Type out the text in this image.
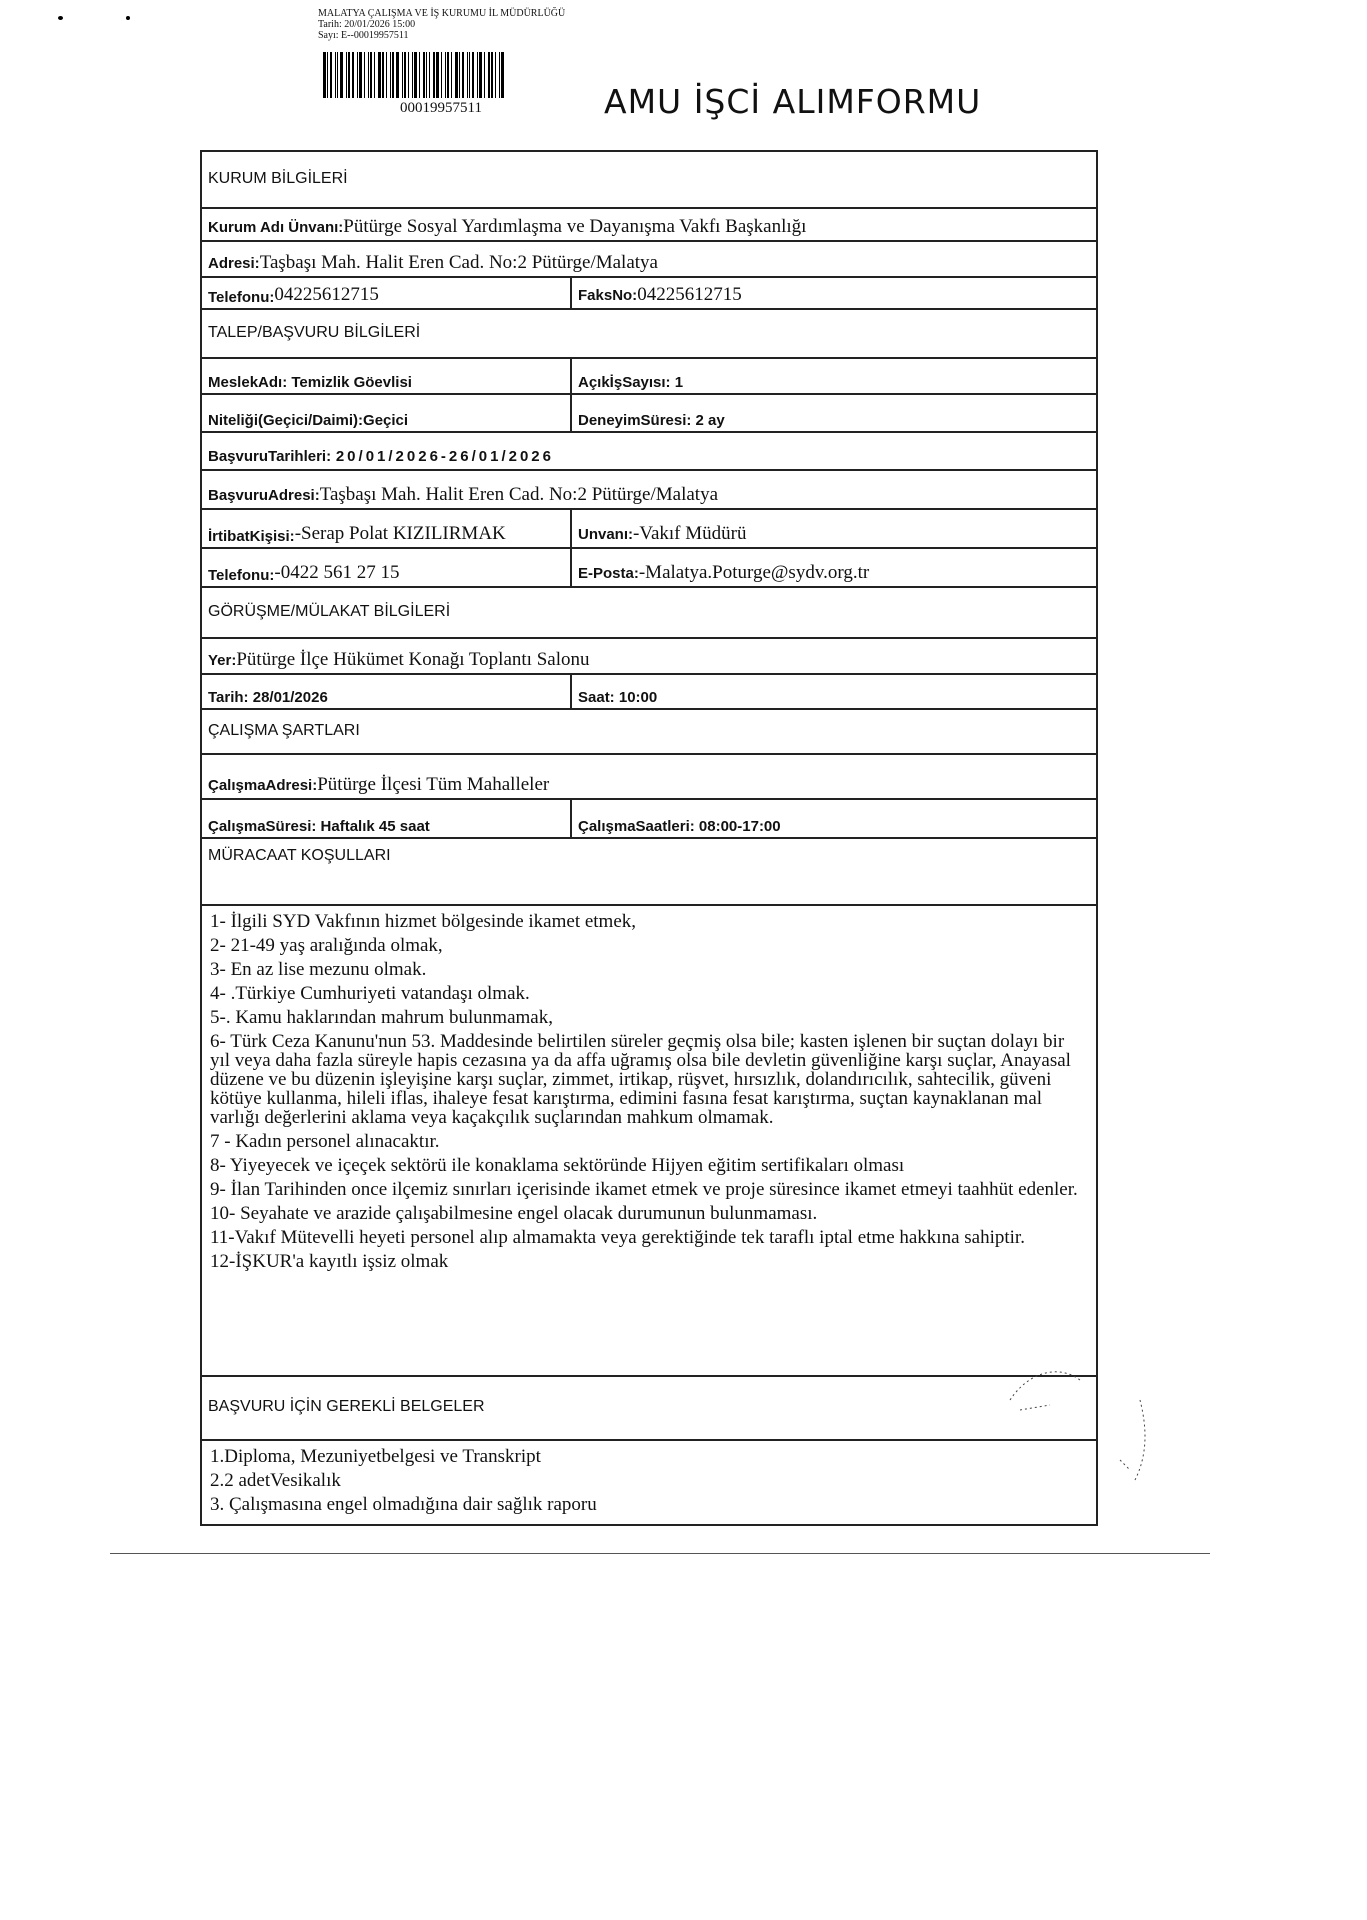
MALATYA ÇALIŞMA VE İŞ KURUMU İL MÜDÜRLÜĞÜ
Tarih: 20/01/2026 15:00
Sayı: E--00019957511
00019957511	AMU İŞCİ ALIMFORMU
KURUM BİLGİLERİ
Kurum Adı Ünvanı:Pütürge Sosyal Yardımlaşma ve Dayanışma Vakfı Başkanlığı
Adresi:Taşbaşı Mah. Halit Eren Cad. No:2 Pütürge/Malatya
Telefonu: 04225612715	FaksNo:04225612715
TALEP/BAŞVURU BİLGİLERİ
MeslekAdı: Temizlik Göevlisi	AçıkİşSayısı: 1
Niteliği(Geçici/Daimi):Geçici	DeneyimSüresi: 2 ay
BaşvuruTarihleri: 20/01/2026-26/01/2026
BaşvuruAdresi:Taşbaşı Mah. Halit Eren Cad. No:2 Pütürge/Malatya
İrtibatKişisi: -Serap Polat KIZILIRMAK	Unvanı:-Vakıf Müdürü
Telefonu: -0422 561 27 15	E-Posta:-Malatya.Poturge@sydv.org.tr
GÖRÜŞME/MÜLAKAT BİLGİLERİ
Yer:Pütürge İlçe Hükümet Konağı Toplantı Salonu
Tarih: 28/01/2026	Saat: 10:00
ÇALIŞMA ŞARTLARI
ÇalışmaAdresi:Pütürge İlçesi Tüm Mahalleler
ÇalışmaSüresi: Haftalık 45 saat	ÇalışmaSaatleri: 08:00-17:00
MÜRACAAT KOŞULLARI
1- İlgili SYD Vakfının hizmet bölgesinde ikamet etmek,
2- 21-49 yaş aralığında olmak,
3- En az lise mezunu olmak.
4- .Türkiye Cumhuriyeti vatandaşı olmak.
5-. Kamu haklarından mahrum bulunmamak,
6- Türk Ceza Kanunu'nun 53. Maddesinde belirtilen süreler geçmiş olsa bile; kasten işlenen bir suçtan dolayı bir yıl veya daha fazla süreyle hapis cezasına ya da affa uğramış olsa bile devletin güvenliğine karşı suçlar, Anayasal düzene ve bu düzenin işleyişine karşı suçlar, zimmet, irtikap, rüşvet, hırsızlık, dolandırıcılık, sahtecilik, güveni kötüye kullanma, hileli iflas, ihaleye fesat karıştırma, edimini fasına fesat karıştırma, suçtan kaynaklanan mal varlığı değerlerini aklama veya kaçakçılık suçlarından mahkum olmamak.
7 - Kadın personel alınacaktır.
8- Yiyeyecek ve içeçek sektörü ile konaklama sektöründe Hijyen eğitim sertifikaları olması
9- İlan Tarihinden once ilçemiz sınırları içerisinde ikamet etmek ve proje süresince ikamet etmeyi taahhüt edenler.
10- Seyahate ve arazide çalışabilmesine engel olacak durumunun bulunmaması.
11-Vakıf Mütevelli heyeti personel alıp almamakta veya gerektiğinde tek taraflı iptal etme hakkına sahiptir.
12-İŞKUR'a kayıtlı işsiz olmak
BAŞVURU İÇİN GEREKLİ BELGELER
1.Diploma, Mezuniyetbelgesi ve Transkript
2.2 adetVesikalık
3. Çalışmasına engel olmadığına dair sağlık raporu
